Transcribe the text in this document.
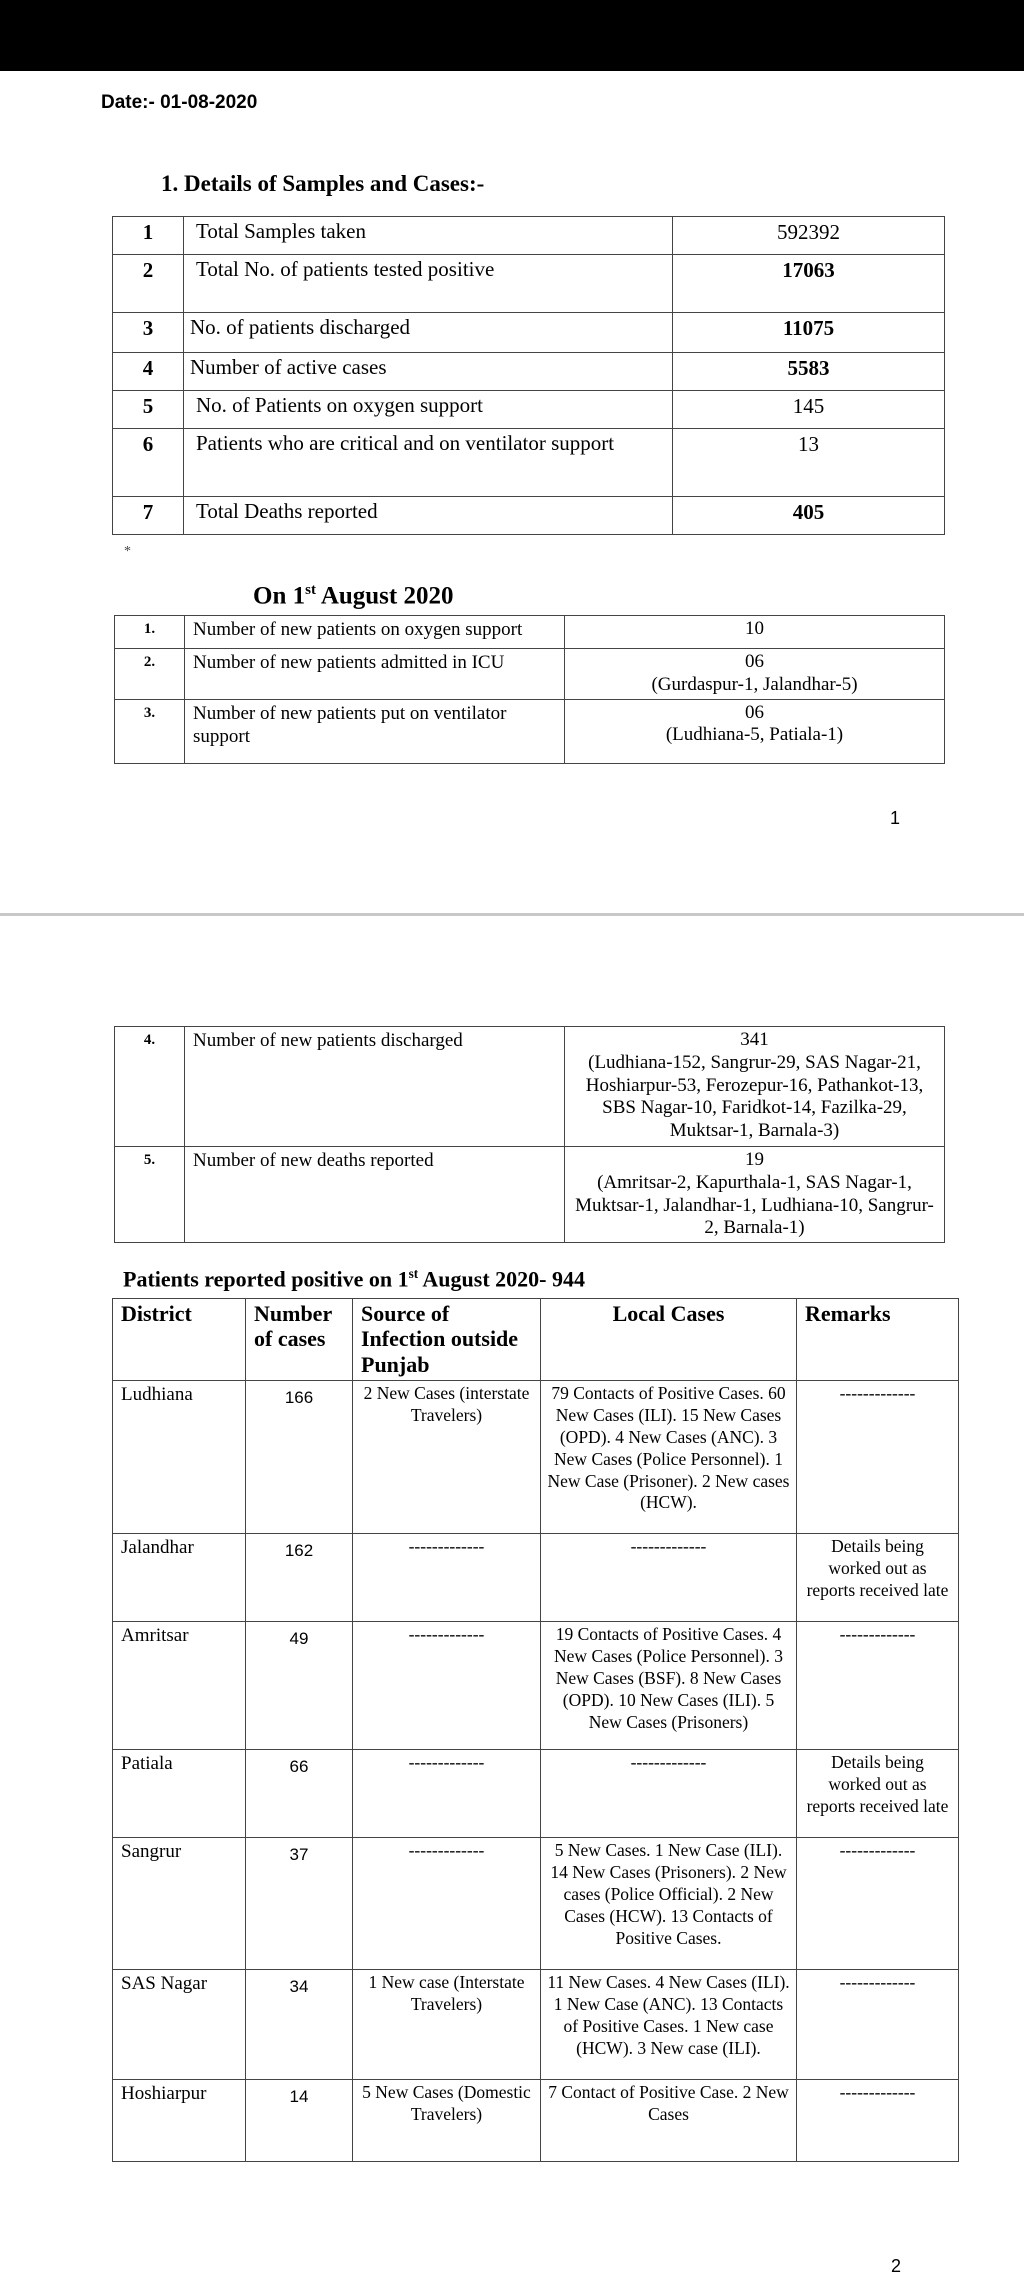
Date:- 01-08-2020
1. Details of Samples and Cases:-
1	Total Samples taken	592392
2	Total No. of patients tested positive	17063
3	No. of patients discharged	11075
4	Number of active cases	5583
5	No. of Patients on oxygen support	145
6	Patients who are critical and on ventilator support	13
7	Total Deaths reported	405
*
On 1st August 2020
1.	Number of new patients on oxygen support	10

2.	Number of new patients admitted in ICU	06
(Gurdaspur-1, Jalandhar-5)

3.	Number of new patients put on ventilator support	06
(Ludhiana-5, Patiala-1)
1
4.	Number of new patients discharged	341
(Ludhiana-152, Sangrur-29, SAS Nagar-21, Hoshiarpur-53, Ferozepur-16, Pathankot-13, SBS Nagar-10, Faridkot-14, Fazilka-29, Muktsar-1, Barnala-3)

5.	Number of new deaths reported	19
(Amritsar-2, Kapurthala-1, SAS Nagar-1, Muktsar-1, Jalandhar-1, Ludhiana-10, Sangrur-2, Barnala-1)
Patients reported positive on 1st August 2020- 944
District	Number of cases	Source of Infection outside Punjab	Local Cases	Remarks
Ludhiana	166	2 New Cases (interstate Travelers)	79 Contacts of Positive Cases. 60 New Cases (ILI). 15 New Cases (OPD). 4 New Cases (ANC). 3 New Cases (Police Personnel). 1 New Case (Prisoner). 2 New cases (HCW).	-------------
Jalandhar	162	-------------	-------------	Details being worked out as reports received late
Amritsar	49	-------------	19 Contacts of Positive Cases. 4 New Cases (Police Personnel). 3 New Cases (BSF). 8 New Cases (OPD). 10 New Cases (ILI). 5 New Cases (Prisoners)	-------------
Patiala	66	-------------	-------------	Details being worked out as reports received late
Sangrur	37	-------------	5 New Cases. 1 New Case (ILI). 14 New Cases (Prisoners). 2 New cases (Police Official). 2 New Cases (HCW). 13 Contacts of Positive Cases.	-------------
SAS Nagar	34	1 New case (Interstate Travelers)	11 New Cases. 4 New Cases (ILI). 1 New Case (ANC). 13 Contacts of Positive Cases. 1 New case (HCW). 3 New case (ILI).	-------------
Hoshiarpur	14	5 New Cases (Domestic Travelers)	7 Contact of Positive Case. 2 New Cases	-------------
2
